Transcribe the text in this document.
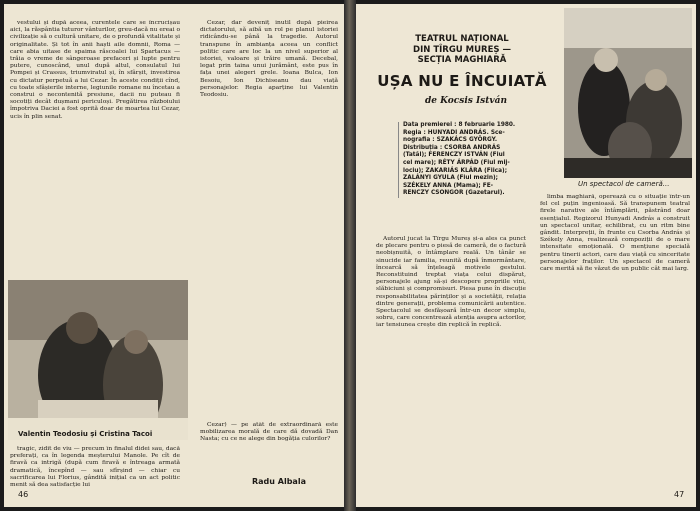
vestului și după aceea, curentele care se încrucișau aici, la răspântia tuturor vânturilor, greu-dacă nu ereai o civilizație să o cultură unitare, de o profundă vitalitate și originalitate. Și tot în anii haști aile domnii, Roma — care abia uitase de spaima răscoalei lui Spartacus — trăia o vreme de sângeroase prefaceri și lupte pentru putere, cunoscând, unul după altul, consulatul lui Pompei și Crassus, triumviratul și, în sfârșit, investirea cu dictatur perpetuă a lui Cezar. În aceste condiții cînd, cu toate sfâșierile interne, legiunile romane nu încetau a construi o necontenită presiune, dacii nu puteau fi socotiți decât dușmani periculoși. Pregătirea războiului împotriva Daciei a fost oprită doar de moartea lui Cezar, ucis în plin senat.

Cezar, dar deveniț inutil după pieirea dictatorului, să aibă un rol pe planul istoriei ridicându-se până la tragedie. Autorul transpune în ambianța aceea un conflict politic care are loc la un nivel superior al istoriei, valoare și trăire umană. Decebal, legat prin taina unui jurământ, este pus în fața unei alegeri grele. Ioana Bulca, Ion Besoiu, Ion Dichiseanu dau viață personajelor. Regia aparține lui Valentin Teodosiu.

Valentin Teodosiu și Cristina Tacoi

tragic, zidit de viu — precum în finalul didei sau, dacă preferați, ca în legenda meșterului Manole. Pe cît de firavă ca intrigă (după cum firavă e întreaga armată dramatică, începînd — sau sfîrșind — chiar cu sacrificarea lui Florius, gândită inițial ca un act politic menit să dea satisfacție lui

Cezar) — pe atât de extraordinară este mobilizarea morală de care dă dovadă Dan Nasta; cu ce ne alege din bogăția culorilor?

Radu Albala
46
TEATRUL NAȚIONAL
DIN TÎRGU MUREȘ —
SECȚIA MAGHIARĂ
UȘA NU E ÎNCUIATĂ
de Kocsis István
Data premierei : 8 februarie 1980.
Regia : HUNYADI ANDRÁS. Sce-
nografia : SZAKÁCS GYÖRGY.
Distribuția : CSORBA ANDRÁS
(Tatăl); FERENCZY ISTVÁN (Fiul
cel mare); RÉTY ÁRPÁD (Fiul mij-
lociu); ZAKARIÁS KLÁRA (Fiica);
ZALÁNYI GYULA (Fiul mezin);
SZÉKELY ANNA (Mama); FE-
RENCZY CSONGOR (Gazetarul).
Un spectacol de cameră...

Autorul jucat la Tîrgu Mureș și-a ales ca punct de plecare pentru o piesă de cameră, de o factură neobișnuită, o întâmplare reală. Un tânăr se sinucide iar familia, reunită după înmormântare, încearcă să înțeleagă motivele gestului. Reconstituind treptat viața celui dispărut, personajele ajung să-și descopere propriile vini, slăbiciuni și compromisuri. Piesa pune în discuție responsabilitatea părinților și a societății, relația dintre generații, problema comunicării autentice. Spectacolul se desfășoară într-un decor simplu, sobru, care concentrează atenția asupra actorilor, iar tensiunea crește din replică în replică.

limba maghiară, operează cu o situație într-un fel cel puțin ingenioasă. Să transpunem teatral firele narative ale întâmplării, păstrând doar esențialul. Regizorul Hunyadi András a construit un spectacol unitar, echilibrat, cu un ritm bine gândit. Interpreții, în frunte cu Csorba András și Székely Anna, realizează compoziții de o mare intensitate emoțională. O mențiune specială pentru tinerii actori, care dau viață cu sinceritate personajelor fraților. Un spectacol de cameră care merită să fie văzut de un public cât mai larg.

47
